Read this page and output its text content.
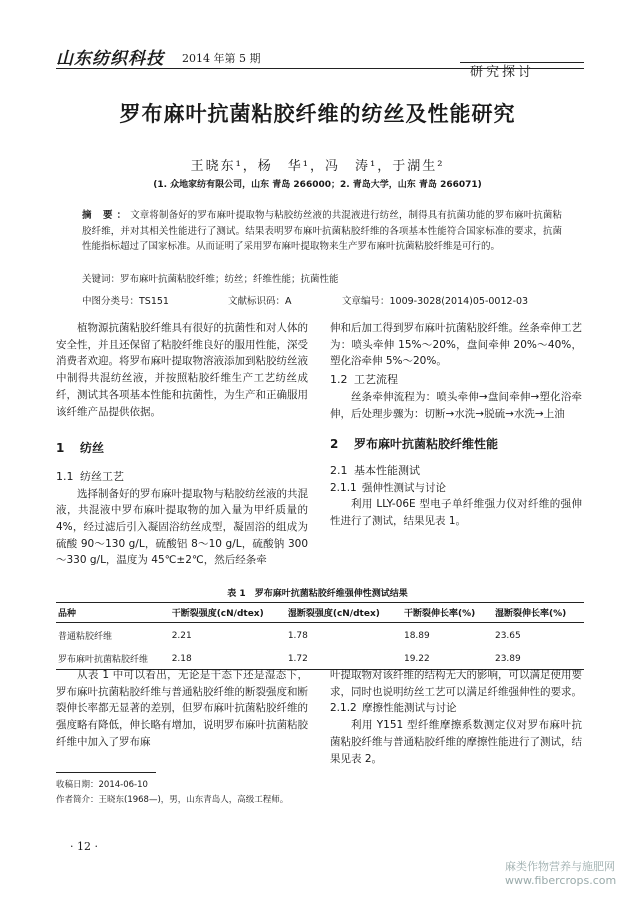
山东纺织科技 2014 年第 5 期
研究探讨
罗布麻叶抗菌粘胶纤维的纺丝及性能研究
王晓东¹，杨　华¹，冯　涛¹，于湖生²
(1. 众地家纺有限公司，山东 青岛 266000；2. 青岛大学，山东 青岛 266071)
摘 要：文章将制备好的罗布麻叶提取物与粘胶纺丝液的共混液进行纺丝，制得具有抗菌功能的罗布麻叶抗菌粘胶纤维，并对其相关性能进行了测试。结果表明罗布麻叶抗菌粘胶纤维的各项基本性能符合国家标准的要求，抗菌性能指标超过了国家标准。从而证明了采用罗布麻叶提取物来生产罗布麻叶抗菌粘胶纤维是可行的。
关键词：罗布麻叶抗菌粘胶纤维；纺丝；纤维性能；抗菌性能
中图分类号：TS151	文献标识码：A	文章编号：1009-3028(2014)05-0012-03

植物源抗菌粘胶纤维具有很好的抗菌性和对人体的安全性，并且还保留了粘胶纤维良好的服用性能，深受消费者欢迎。将罗布麻叶提取物溶液添加到粘胶纺丝液中制得共混纺丝液，并按照粘胶纤维生产工艺纺丝成纤，测试其各项基本性能和抗菌性，为生产和正确服用该纤维产品提供依据。

1 纺丝
1.1 纺丝工艺

选择制备好的罗布麻叶提取物与粘胶纺丝液的共混液，共混液中罗布麻叶提取物的加入量为甲纤质量的 4%，经过滤后引入凝固浴纺丝成型，凝固浴的组成为硫酸 90～130 g/L，硫酸铝 8～10 g/L，硫酸钠 300～330 g/L，温度为 45℃±2℃，然后经条牵

伸和后加工得到罗布麻叶抗菌粘胶纤维。丝条牵伸工艺为：喷头牵伸 15%～20%，盘间牵伸 20%～40%，塑化浴牵伸 5%～20%。

1.2 工艺流程

丝条牵伸流程为：喷头牵伸→盘间牵伸→塑化浴牵伸，后处理步骤为：切断→水洗→脱硫→水洗→上油

2 罗布麻叶抗菌粘胶纤维性能
2.1 基本性能测试
2.1.1 强伸性测试与讨论

利用 LLY-06E 型电子单纤维强力仪对纤维的强伸性进行了测试，结果见表 1。

表 1　罗布麻叶抗菌粘胶纤维强伸性测试结果
品种	干断裂强度(cN/dtex)	湿断裂强度(cN/dtex)	干断裂伸长率(%)	湿断裂伸长率(%)
普通粘胶纤维	2.21	1.78	18.89	23.65
罗布麻叶抗菌粘胶纤维	2.18	1.72	19.22	23.89

从表 1 中可以看出，无论是干态下还是湿态下，罗布麻叶抗菌粘胶纤维与普通粘胶纤维的断裂强度和断裂伸长率都无显著的差别，但罗布麻叶抗菌粘胶纤维的强度略有降低，伸长略有增加，说明罗布麻叶抗菌粘胶纤维中加入了罗布麻

叶提取物对该纤维的结构无大的影响，可以满足使用要求，同时也说明纺丝工艺可以满足纤维强伸性的要求。

2.1.2 摩擦性能测试与讨论

利用 Y151 型纤维摩擦系数测定仪对罗布麻叶抗菌粘胶纤维与普通粘胶纤维的摩擦性能进行了测试，结果见表 2。

收稿日期：2014-06-10
作者简介：王晓东(1968—)，男，山东青岛人，高级工程师。
· 12 ·
麻类作物营养与施肥网
www.fibercrops.com
